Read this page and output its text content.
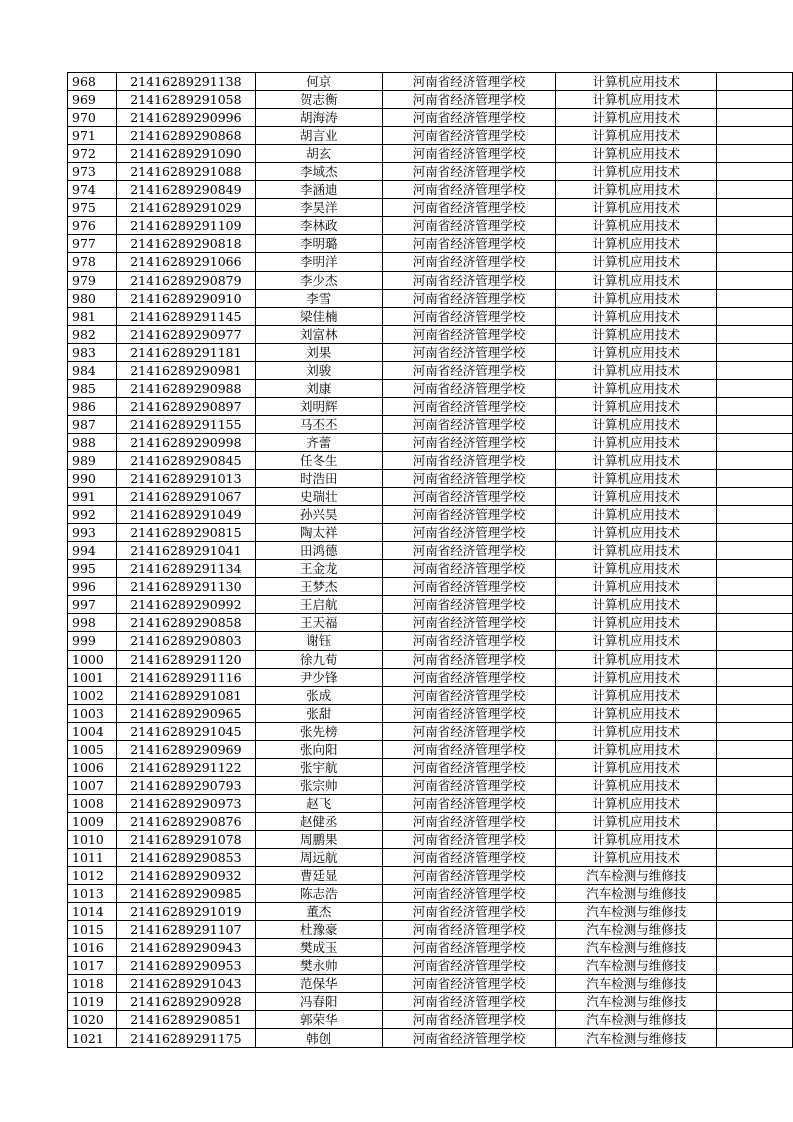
968	21416289291138	何京	河南省经济管理学校	计算机应用技术	
969	21416289291058	贺志衡	河南省经济管理学校	计算机应用技术	
970	21416289290996	胡海涛	河南省经济管理学校	计算机应用技术	
971	21416289290868	胡言业	河南省经济管理学校	计算机应用技术	
972	21416289291090	胡玄	河南省经济管理学校	计算机应用技术	
973	21416289291088	李域杰	河南省经济管理学校	计算机应用技术	
974	21416289290849	李涵迪	河南省经济管理学校	计算机应用技术	
975	21416289291029	李昊洋	河南省经济管理学校	计算机应用技术	
976	21416289291109	李林政	河南省经济管理学校	计算机应用技术	
977	21416289290818	李明璐	河南省经济管理学校	计算机应用技术	
978	21416289291066	李明洋	河南省经济管理学校	计算机应用技术	
979	21416289290879	李少杰	河南省经济管理学校	计算机应用技术	
980	21416289290910	李雪	河南省经济管理学校	计算机应用技术	
981	21416289291145	梁佳楠	河南省经济管理学校	计算机应用技术	
982	21416289290977	刘富林	河南省经济管理学校	计算机应用技术	
983	21416289291181	刘果	河南省经济管理学校	计算机应用技术	
984	21416289290981	刘骏	河南省经济管理学校	计算机应用技术	
985	21416289290988	刘康	河南省经济管理学校	计算机应用技术	
986	21416289290897	刘明辉	河南省经济管理学校	计算机应用技术	
987	21416289291155	马丕丕	河南省经济管理学校	计算机应用技术	
988	21416289290998	齐蕾	河南省经济管理学校	计算机应用技术	
989	21416289290845	任冬生	河南省经济管理学校	计算机应用技术	
990	21416289291013	时浩田	河南省经济管理学校	计算机应用技术	
991	21416289291067	史瑞壮	河南省经济管理学校	计算机应用技术	
992	21416289291049	孙兴昊	河南省经济管理学校	计算机应用技术	
993	21416289290815	陶太祥	河南省经济管理学校	计算机应用技术	
994	21416289291041	田鸿德	河南省经济管理学校	计算机应用技术	
995	21416289291134	王金龙	河南省经济管理学校	计算机应用技术	
996	21416289291130	王梦杰	河南省经济管理学校	计算机应用技术	
997	21416289290992	王启航	河南省经济管理学校	计算机应用技术	
998	21416289290858	王天福	河南省经济管理学校	计算机应用技术	
999	21416289290803	谢钰	河南省经济管理学校	计算机应用技术	
1000	21416289291120	徐九荀	河南省经济管理学校	计算机应用技术	
1001	21416289291116	尹少锋	河南省经济管理学校	计算机应用技术	
1002	21416289291081	张成	河南省经济管理学校	计算机应用技术	
1003	21416289290965	张甜	河南省经济管理学校	计算机应用技术	
1004	21416289291045	张先榜	河南省经济管理学校	计算机应用技术	
1005	21416289290969	张向阳	河南省经济管理学校	计算机应用技术	
1006	21416289291122	张宇航	河南省经济管理学校	计算机应用技术	
1007	21416289290793	张宗帅	河南省经济管理学校	计算机应用技术	
1008	21416289290973	赵飞	河南省经济管理学校	计算机应用技术	
1009	21416289290876	赵健丞	河南省经济管理学校	计算机应用技术	
1010	21416289291078	周鹏果	河南省经济管理学校	计算机应用技术	
1011	21416289290853	周远航	河南省经济管理学校	计算机应用技术	
1012	21416289290932	曹廷显	河南省经济管理学校	汽车检测与维修技	
1013	21416289290985	陈志浩	河南省经济管理学校	汽车检测与维修技	
1014	21416289291019	董杰	河南省经济管理学校	汽车检测与维修技	
1015	21416289291107	杜豫豪	河南省经济管理学校	汽车检测与维修技	
1016	21416289290943	樊成玉	河南省经济管理学校	汽车检测与维修技	
1017	21416289290953	樊永帅	河南省经济管理学校	汽车检测与维修技	
1018	21416289291043	范保华	河南省经济管理学校	汽车检测与维修技	
1019	21416289290928	冯春阳	河南省经济管理学校	汽车检测与维修技	
1020	21416289290851	郭荣华	河南省经济管理学校	汽车检测与维修技	
1021	21416289291175	韩创	河南省经济管理学校	汽车检测与维修技	
